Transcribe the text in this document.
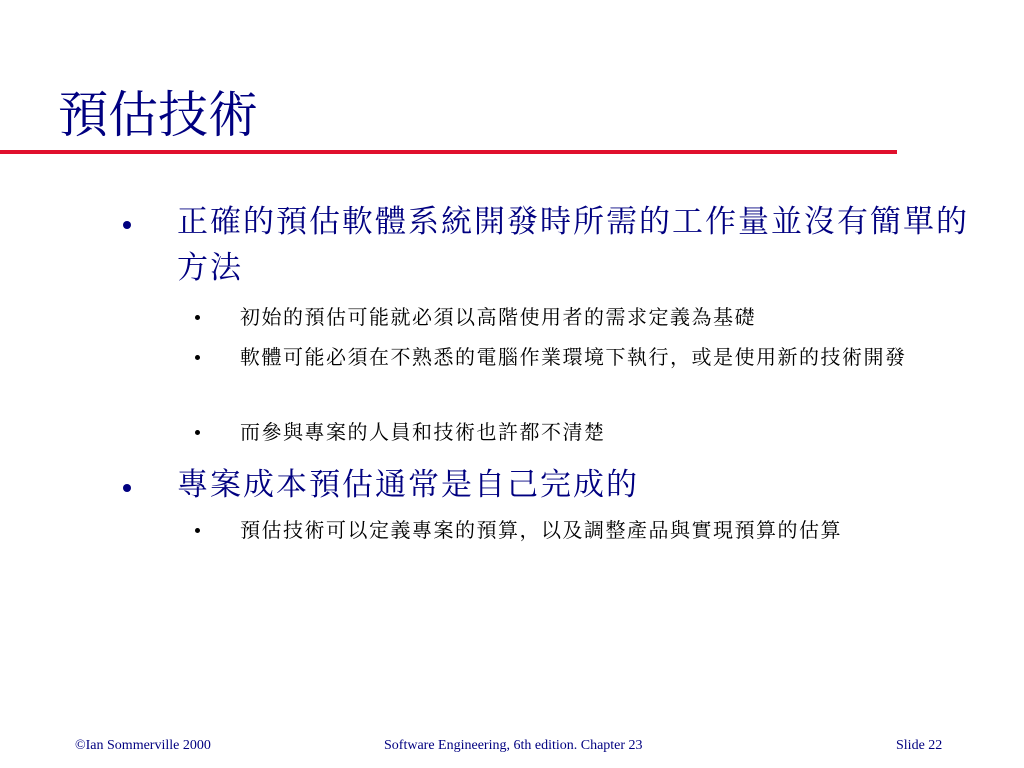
預估技術
正確的預估軟體系統開發時所需的工作量並沒有簡單的方法
初始的預估可能就必須以高階使用者的需求定義為基礎
軟體可能必須在不熟悉的電腦作業環境下執行，或是使用新的技術開發
而參與專案的人員和技術也許都不清楚
專案成本預估通常是自己完成的
預估技術可以定義專案的預算，以及調整產品與實現預算的估算
©Ian Sommerville 2000	Software Engineering, 6th edition. Chapter 23	Slide 22
